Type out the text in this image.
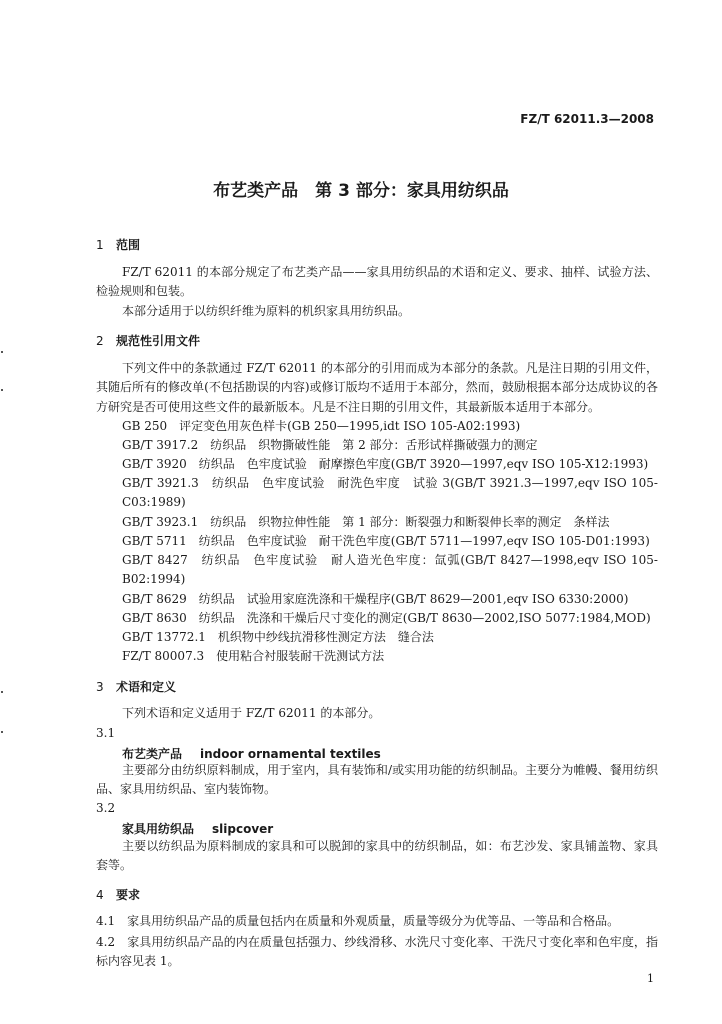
FZ/T 62011.3—2008
布艺类产品　第 3 部分：家具用纺织品
1 范围
FZ/T 62011 的本部分规定了布艺类产品——家具用纺织品的术语和定义、要求、抽样、试验方法、检验规则和包装。
本部分适用于以纺织纤维为原料的机织家具用纺织品。
2 规范性引用文件
下列文件中的条款通过 FZ/T 62011 的本部分的引用而成为本部分的条款。凡是注日期的引用文件，其随后所有的修改单(不包括勘误的内容)或修订版均不适用于本部分，然而，鼓励根据本部分达成协议的各方研究是否可使用这些文件的最新版本。凡是不注日期的引用文件，其最新版本适用于本部分。
GB 250　评定变色用灰色样卡(GB 250—1995,idt ISO 105-A02:1993)
GB/T 3917.2　纺织品　织物撕破性能　第 2 部分：舌形试样撕破强力的测定
GB/T 3920　纺织品　色牢度试验　耐摩擦色牢度(GB/T 3920—1997,eqv ISO 105-X12:1993)
GB/T 3921.3　纺织品　色牢度试验　耐洗色牢度　试验 3(GB/T 3921.3—1997,eqv ISO 105-C03:1989)
GB/T 3923.1　纺织品　织物拉伸性能　第 1 部分：断裂强力和断裂伸长率的测定　条样法
GB/T 5711　纺织品　色牢度试验　耐干洗色牢度(GB/T 5711—1997,eqv ISO 105-D01:1993)
GB/T 8427　纺织品　色牢度试验　耐人造光色牢度：氙弧(GB/T 8427—1998,eqv ISO 105-B02:1994)
GB/T 8629　纺织品　试验用家庭洗涤和干燥程序(GB/T 8629—2001,eqv ISO 6330:2000)
GB/T 8630　纺织品　洗涤和干燥后尺寸变化的测定(GB/T 8630—2002,ISO 5077:1984,MOD)
GB/T 13772.1　机织物中纱线抗滑移性测定方法　缝合法
FZ/T 80007.3　使用粘合衬服装耐干洗测试方法
3 术语和定义
下列术语和定义适用于 FZ/T 62011 的本部分。
3.1
布艺类产品 indoor ornamental textiles
主要部分由纺织原料制成，用于室内，具有装饰和/或实用功能的纺织制品。主要分为帷幔、餐用纺织品、家具用纺织品、室内装饰物。
3.2
家具用纺织品 slipcover
主要以纺织品为原料制成的家具和可以脱卸的家具中的纺织制品，如：布艺沙发、家具铺盖物、家具套等。
4 要求
4.1　家具用纺织品产品的质量包括内在质量和外观质量，质量等级分为优等品、一等品和合格品。
4.2　家具用纺织品产品的内在质量包括强力、纱线滑移、水洗尺寸变化率、干洗尺寸变化率和色牢度，指标内容见表 1。
1
